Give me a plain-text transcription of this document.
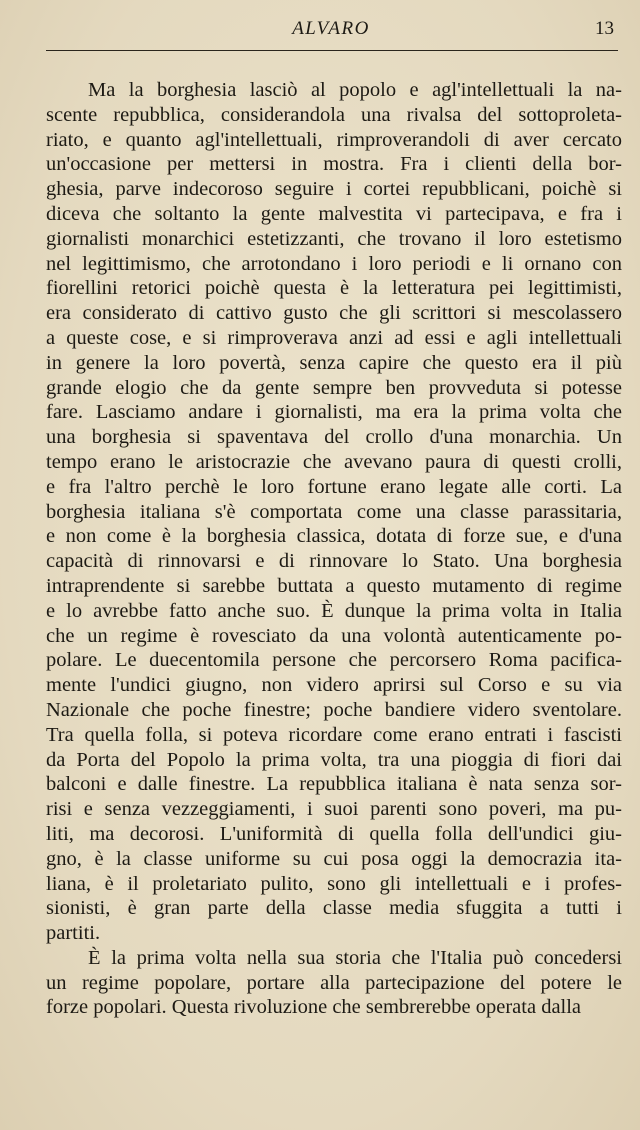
ALVARO	13
Ma la borghesia lasciò al popolo e agl'intellettuali la na-
scente repubblica, considerandola una rivalsa del sottoproleta-
riato, e quanto agl'intellettuali, rimproverandoli di aver cercato
un'occasione per mettersi in mostra. Fra i clienti della bor-
ghesia, parve indecoroso seguire i cortei repubblicani, poichè si
diceva che soltanto la gente malvestita vi partecipava, e fra i
giornalisti monarchici estetizzanti, che trovano il loro estetismo
nel legittimismo, che arrotondano i loro periodi e li ornano con
fiorellini retorici poichè questa è la letteratura pei legittimisti,
era considerato di cattivo gusto che gli scrittori si mescolassero
a queste cose, e si rimproverava anzi ad essi e agli intellettuali
in genere la loro povertà, senza capire che questo era il più
grande elogio che da gente sempre ben provveduta si potesse
fare. Lasciamo andare i giornalisti, ma era la prima volta che
una borghesia si spaventava del crollo d'una monarchia. Un
tempo erano le aristocrazie che avevano paura di questi crolli,
e fra l'altro perchè le loro fortune erano legate alle corti. La
borghesia italiana s'è comportata come una classe parassitaria,
e non come è la borghesia classica, dotata di forze sue, e d'una
capacità di rinnovarsi e di rinnovare lo Stato. Una borghesia
intraprendente si sarebbe buttata a questo mutamento di regime
e lo avrebbe fatto anche suo. È dunque la prima volta in Italia
che un regime è rovesciato da una volontà autenticamente po-
polare. Le duecentomila persone che percorsero Roma pacifica-
mente l'undici giugno, non videro aprirsi sul Corso e su via
Nazionale che poche finestre; poche bandiere videro sventolare.
Tra quella folla, si poteva ricordare come erano entrati i fascisti
da Porta del Popolo la prima volta, tra una pioggia di fiori dai
balconi e dalle finestre. La repubblica italiana è nata senza sor-
risi e senza vezzeggiamenti, i suoi parenti sono poveri, ma pu-
liti, ma decorosi. L'uniformità di quella folla dell'undici giu-
gno, è la classe uniforme su cui posa oggi la democrazia ita-
liana, è il proletariato pulito, sono gli intellettuali e i profes-
sionisti, è gran parte della classe media sfuggita a tutti i
partiti.
È la prima volta nella sua storia che l'Italia può concedersi
un regime popolare, portare alla partecipazione del potere le
forze popolari. Questa rivoluzione che sembrerebbe operata dalla
